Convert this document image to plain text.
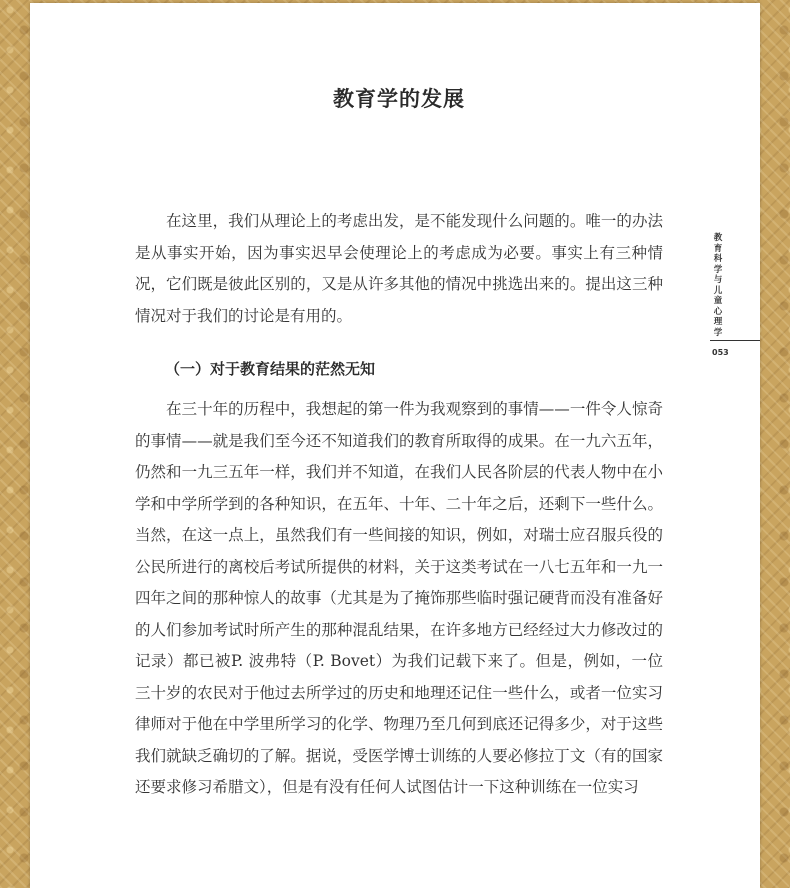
教育学的发展

在这里，我们从理论上的考虑出发，是不能发现什么问题的。唯一的办法是从事实开始，因为事实迟早会使理论上的考虑成为必要。事实上有三种情况，它们既是彼此区别的，又是从许多其他的情况中挑选出来的。提出这三种情况对于我们的讨论是有用的。

（一）对于教育结果的茫然无知

在三十年的历程中，我想起的第一件为我观察到的事情——一件令人惊奇的事情——就是我们至今还不知道我们的教育所取得的成果。在一九六五年，仍然和一九三五年一样，我们并不知道，在我们人民各阶层的代表人物中在小学和中学所学到的各种知识，在五年、十年、二十年之后，还剩下一些什么。当然，在这一点上，虽然我们有一些间接的知识，例如，对瑞士应召服兵役的公民所进行的离校后考试所提供的材料，关于这类考试在一八七五年和一九一四年之间的那种惊人的故事（尤其是为了掩饰那些临时强记硬背而没有准备好的人们参加考试时所产生的那种混乱结果，在许多地方已经经过大力修改过的记录）都已被P. 波弗特（P. Bovet）为我们记载下来了。但是，例如，一位三十岁的农民对于他过去所学过的历史和地理还记住一些什么，或者一位实习律师对于他在中学里所学习的化学、物理乃至几何到底还记得多少，对于这些我们就缺乏确切的了解。据说，受医学博士训练的人要必修拉丁文（有的国家还要求修习希腊文），但是有没有任何人试图估计一下这种训练在一位实习

教育科学与儿童心理学
053
